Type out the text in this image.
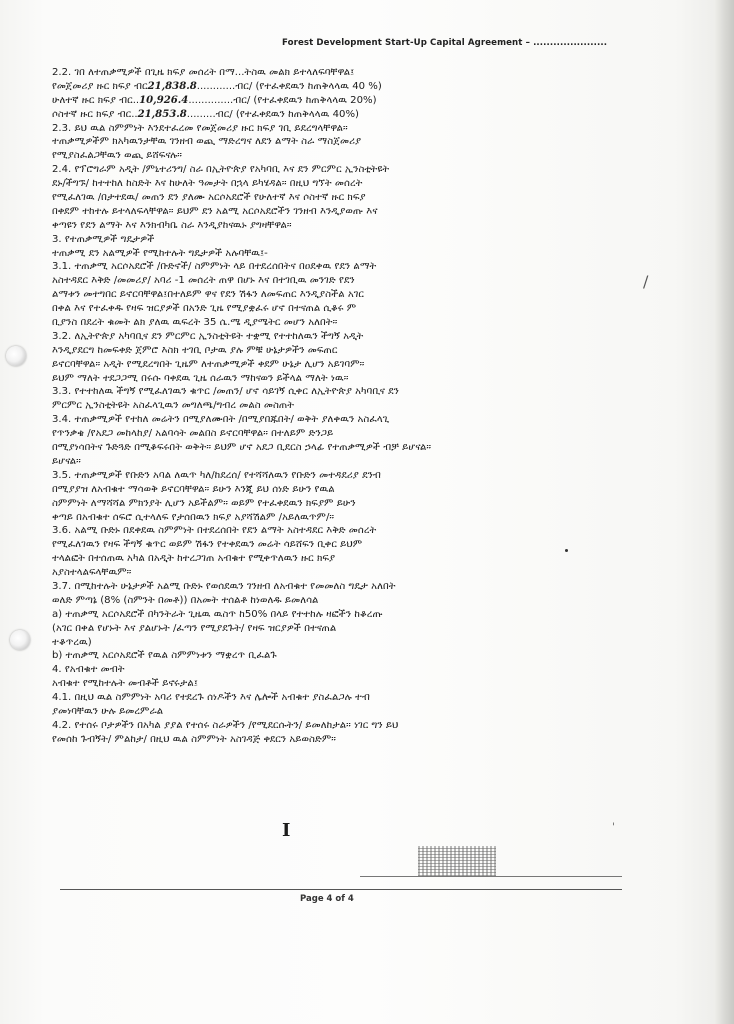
Forest Development Start-Up Capital Agreement – ......................
2.2. ገበ ለተጠቃሚዎች በጊዜ ክፍያ መሰረት በማ...ትስዉ መልክ ይተላለፍባቸዋል፤
የመጀመሪያ ዙር ክፍያ ብር21,838.8............ብር/ (የተፈቀደዉን ከጠቅላላዉ 40 %)
ሁለተኛ ዙር ክፍያ ብር..10,926.4..............ብር/ (የተፈቀደዉን ከጠቅላላዉ 20%)
ሶስተኛ ዙር ክፍያ ብር..21,853.8.........ብር/ (የተፈቀደዉን ከጠቅላላዉ 40%)
2.3. ይህ ዉል ስምምነት እንደተፈረመ የመጀመሪያ ዙር ክፍያ ገቢ ይደረግላቸዋል።
ተጠቃሚዎችም ክአካዉንታቸዉ ገንዘብ ወጪ ማድረግና ለደን ልማት ስራ ማስጀመሪያ
የሚያስፈልጋቸዉን ወጪ ይሸፍናሉ።
2.4. የፕሮግራም አዲት /ምኒተሪንግ/ ስራ በኢትዮጵያ የአካባቢ እና ደን ምርምር ኢንስቲትዩት
ደኑ/ችግኙ/ ከተተከለ ከስድት እና ከሁለት ዓመታት በኋላ ይካሄዳል። በዚህ ግኘት መሰረት
የሚፈለገዉ /በታተደዉ/ መጠን ደን ያለሙ አርሶአደሮች የሁለተኛ እና ሶስተኛ ዙር ክፍያ
በቀደም ተከተሉ ይተላለፍላቸዋል። ይህም ደን አልሚ አርሶአደሮችን ገንዘብ እንዲያወጡ እና
ቀጣዩን የደን ልማት እና እንክብካቤ ስራ እንዲያከናዉኑ ያግዛቸዋል።
3. የተጠቃሚዎች ግዴታዎች
ተጠቃሚ ደን አልሚዎች የሚከተሉት ግዴታዎች አሉባቸዉ፤-
3.1. ተጠቃሚ አርሶአደሮች /ቡድኖች/ ስምምነት ላይ በተደረሰበትና በዐደቀዉ የደን ልማት
አስተዳደር እቅድ /መመሪያ/ አባሪ -1 መሰረት ጠዋ በሆኑ እና በተገቢዉ መንገድ የደን
ልማቱን መተግበር ይኖርባቸዋል፤በተለይም ዋና የደን ሽፋን ለመፍጠር እንዲያስችል አገር
በቀል እና የተፈቀዱ የዛፍ ዝርያዎች በአንድ ጊዜ የሚያቋፈሩ ሆኖ በተናጠል ሲቆሩ ም
ቢያንስ በደረት ቁመት ልክ ያለዉ ዉፍረት 35 ሴ.ሜ ዲያሜትር መሆን አለበት።
3.2. ለኢትዮጵያ አካባቢና ደን ምርምር ኢንስቲትዩት ተቋሚ የተተከለዉን ችግኝ አዲት
እንዲያደርግ ከመፍቀድ ጀምሮ እስክ ተገቢ ቦታዉ ያሉ ምቹ ሁኔታዎችን መፍጠር
ይኖርባቸዋል። አዲት የሚደረግበት ጊዜም ለተጠቃሚዎች ቀደም ሁኔታ ሊሆን አይገባም።
ይህም ማለት ተደጋጋሚ በሩሱ ባቀደዉ ጊዜ ሰራዉን ማከናወን ይችላል ማለት ነዉ።
3.3. የተተከለዉ ችግኝ የሚፈለገዉን ቁጥር /መጠን/ ሆኖ ሳይገኝ ሲቀር ለኢትዮጵያ አካባቢና ደን
ምርምር ኢንስቲትዩት አስፈላጊዉን መግለጫ/ግብረ መልስ መስጠት
3.4. ተጠቃሚዎች የተከለ መሬትን በሚያለሙበት /በሚያበጁበት/ ወቅት ያለቀዉን አስፈላጊ
የጥንቃቄ /የአደጋ መከላከያ/ አልባሳት መልበስ ይኖርባቸዋል። በተለይም ድንጋይ
በሚያነሳበትና ጉድጓድ በሚቆፍሩበት ወቅት። ይህም ሆኖ አደጋ ቢደርስ ኃላፊ የተጠቃሚዎች ብቻ ይሆናል።
ይሆናል።
3.5. ተጠቃሚዎች የቡድን አባል ለዉጥ ካለ/ከደረሰ/ የተሻሻለዉን የቡድን መተዳደሪያ ደንብ
በሚያያዝ ለአብቁተ ማሳወቅ ይኖርባቸዋል። ይሁን እንጂ ይህ ሰነድ ይሁን የዉል
ስምምነት ለማሻሻል ምክንያት ሊሆን አይችልም። ወይም የተፈቀደዉን ክፍያም ይሁን
ቀጣይ በአብቁተ ሰፍሮ ሲተላለፍ የታሰበዉን ክፍያ አያሻሽልም /አይለዉጥም/።
3.6. አልሚ ቡድኑ በደቀደዉ ስምምነት በተደረሰበት የደን ልማት አስተዳደር እቅድ መሰረት
የሚፈለገዉን የዛፍ ችግኝ ቁጥር ወይም ሽፋን የተቀደዉን መሬት ሳይሸፍን ቢቀር ይህም
ተላልፎት በተሰጠዉ አካል በአዲት ከተረጋገጠ አብቁተ የሚቀጥለዉን ዙር ክፍያ
አያስተላልፍላቸዉም።
3.7. በሚከተሉት ሁኔታዎች አልሚ ቡድኑ የወሰደዉን ገንዘብ ለአብቁተ የመመለስ ግዴታ አለበት
ወለድ ምጣኔ (8% (ስምንት በመቶ)) በአመት ተሰልቶ ከነወለዱ ይመለሳል
a) ተጠቃሚ አርሶአደሮች በካንትራት ጊዜዉ ዉስጥ ከ50% በላይ የተተከሉ ዛፎችን ከቆረጡ
(አገር በቀል የሆኑት እና ያልሆኑት /ፈጣን የሚያደጉት/ የዛፍ ዝርያዎች በተናጠል
ተቆጥረዉ)
b) ተጠቃሚ አርሶአደሮች የዉል ስምምነቱን ማቋረጥ ቢፈልጉ
4. የአብቁተ መብት
አብቁተ የሚከተሉት መብቶች ይኖሩታል፤
4.1. በዚህ ዉል ስምምነት አባሪ የተደረጉ ሰነዶችን እና ሌሎች አብቁተ ያስፈልጋሉ ተብ
ያመነባቸዉን ሁሉ ይመረምራል
4.2. የተሰሩ ቦታዎችን በአካል ያያል የተሰሩ ስራዎችን /የሚደርሱትን/ ይመለከታል። ነገር ግን ይህ
የመሰከ ጉብኝት/ ምልከታ/ በዚህ ዉል ስምምነት አስገዳጅ ቀደርን አይወስድም።
/
'
I
Page 4 of 4
